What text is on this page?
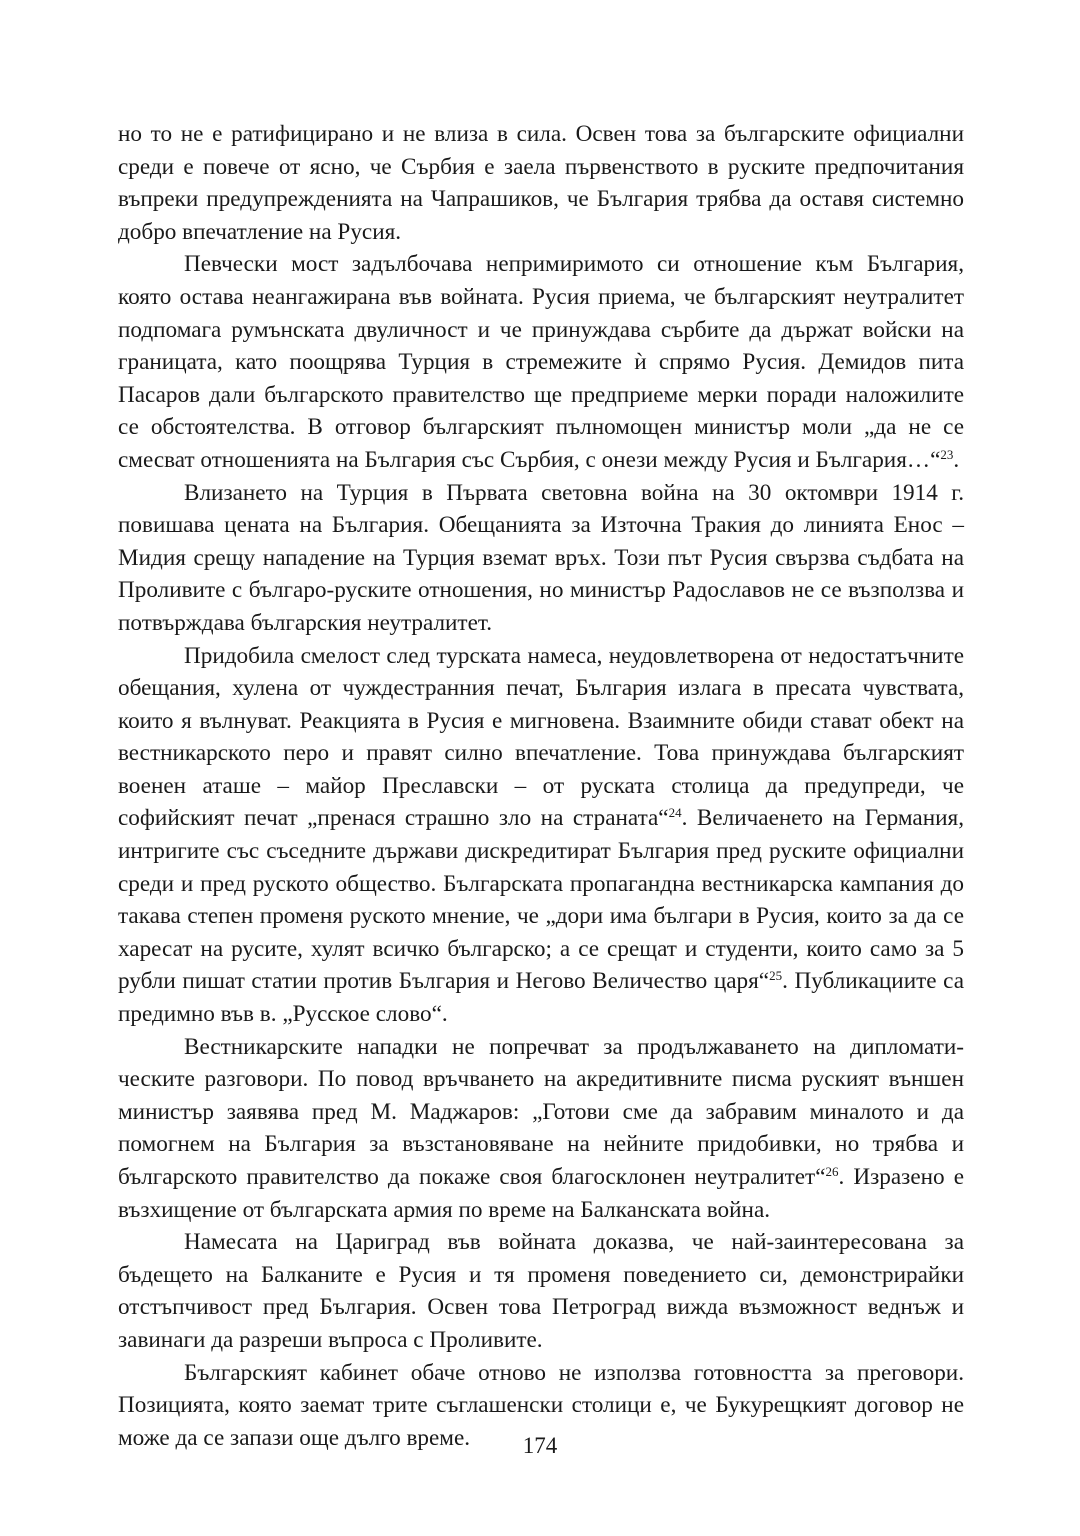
но то не е ратифицирано и не влиза в сила. Освен това за българските официални среди е повече от ясно, че Сърбия е заела първенството в руските предпочитания въпреки предупрежденията на Чапрашиков, че България трябва да оставя системно добро впечатление на Русия.

Певчески мост задълбочава непримиримото си отношение към България, която остава неангажирана във войната. Русия приема, че българският неутралитет подпомага румънската двуличност и че принуждава сърбите да държат войски на границата, като поощрява Турция в стремежите ѝ спрямо Русия. Демидов пита Пасаров дали българското правителство ще предприеме мерки поради наложилите се обстоятелства. В отговор българският пълномощен министър моли „да не се смесват отношенията на България със Сърбия, с онези между Русия и България…“$^{23}$.

Влизането на Турция в Първата световна война на 30 октомври 1914 г. повишава цената на България. Обещанията за Източна Тракия до линията Енос – Мидия срещу нападение на Турция вземат връх. Този път Русия свързва съдбата на Проливите с българо-руските отношения, но министър Радославов не се възползва и потвърждава българския неутралитет.

Придобила смелост след турската намеса, неудовлетворена от недостатъчните обещания, хулена от чуждестранния печат, България излага в пресата чувствата, които я вълнуват. Реакцията в Русия е мигновена. Взаимните обиди стават обект на вестникарското перо и правят силно впечатление. Това принуждава българският военен аташе – майор Преславски – от руската столица да предупреди, че софийският печат „пренася страшно зло на страната“$^{24}$. Величаенето на Германия, интригите със съседните държави дискредитират България пред руските официални среди и пред руското общество. Българската пропагандна вестникарска кампания до такава степен променя руското мнение, че „дори има българи в Русия, които за да се харесат на русите, хулят всичко българско; а се срещат и студенти, които само за 5 рубли пишат статии против България и Негово Величество царя“$^{25}$. Публикациите са предимно във в. „Русское слово“.

Вестникарските нападки не попречват за продължаването на дипломатическите разговори. По повод връчването на акредитивните писма руският външен министър заявява пред М. Маджаров: „Готови сме да забравим миналото и да помогнем на България за възстановяване на нейните придобивки, но трябва и българското правителство да покаже своя благосклонен неутралитет“$^{26}$. Изразено е възхищение от българската армия по време на Балканската война.

Намесата на Цариград във войната доказва, че най-заинтересована за бъдещето на Балканите е Русия и тя променя поведението си, демонстрирайки отстъпчивост пред България. Освен това Петроград вижда възможност веднъж и завинаги да разреши въпроса с Проливите.

Българският кабинет обаче отново не използва готовността за преговори. Позицията, която заемат трите съглашенски столици е, че Букурещкият договор не може да се запази още дълго време.	174
